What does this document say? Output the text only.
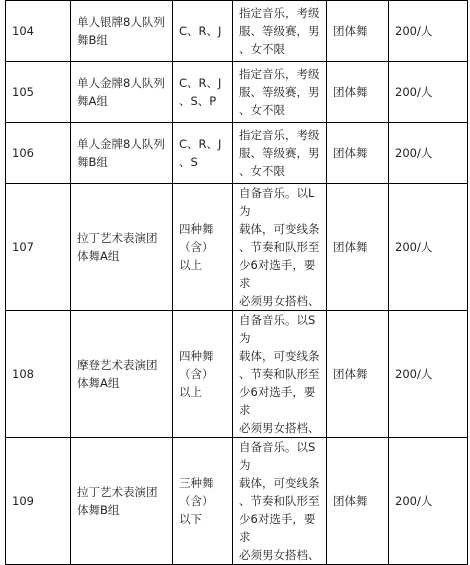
104	单人银牌8人队列
舞B组	C、R、J	指定音乐，考级
服、等级赛，男
、女不限	团体舞	200/人

105	单人金牌8人队列
舞A组	C、R、J
、S、P	指定音乐，考级
服、等级赛，男
、女不限	团体舞	200/人

106	单人金牌8人队列
舞B组	C、R、J
、S	指定音乐，考级
服、等级赛，男
、女不限	团体舞	200/人

107	拉丁艺术表演团
体舞A组	四种舞
（含）
以上	自备音乐。以L为
载体，可变线条
、节奏和队形至
少6对选手，要求
必须男女搭档、	团体舞	200/人

108	摩登艺术表演团
体舞A组	四种舞
（含）
以上	自备音乐。以S为
载体，可变线条
、节奏和队形至
少6对选手，要求
必须男女搭档、	团体舞	200/人

109	拉丁艺术表演团
体舞B组	三种舞
（含）
以下	自备音乐。以S为
载体，可变线条
、节奏和队形至
少6对选手，要求
必须男女搭档、	团体舞	200/人
